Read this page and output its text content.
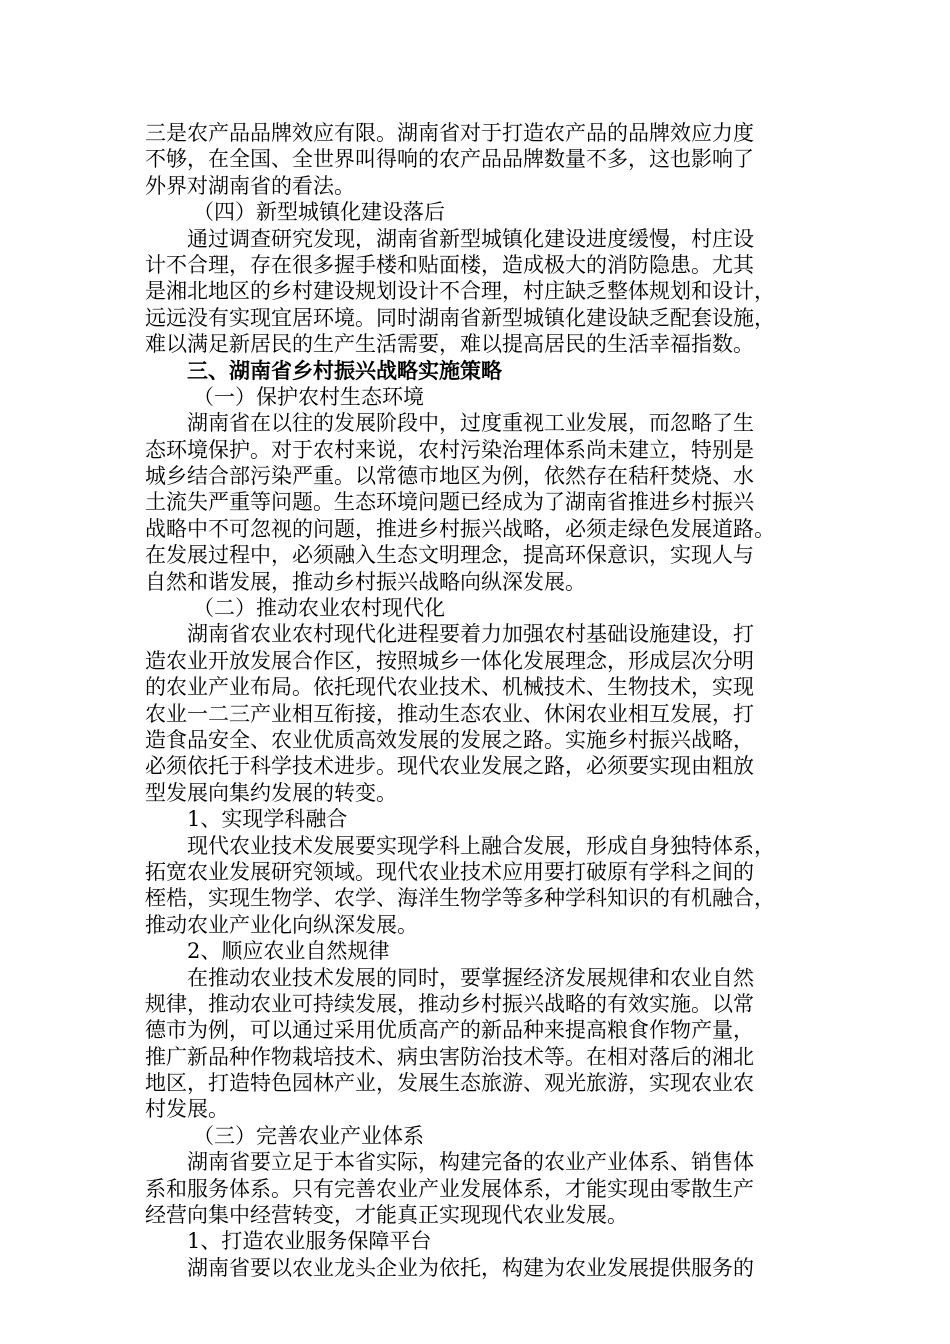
三是农产品品牌效应有限。湖南省对于打造农产品的品牌效应力度
不够，在全国、全世界叫得响的农产品品牌数量不多，这也影响了
外界对湖南省的看法。
（四）新型城镇化建设落后
通过调查研究发现，湖南省新型城镇化建设进度缓慢，村庄设
计不合理，存在很多握手楼和贴面楼，造成极大的消防隐患。尤其
是湘北地区的乡村建设规划设计不合理，村庄缺乏整体规划和设计，
远远没有实现宜居环境。同时湖南省新型城镇化建设缺乏配套设施，
难以满足新居民的生产生活需要，难以提高居民的生活幸福指数。
三、湖南省乡村振兴战略实施策略
（一）保护农村生态环境
湖南省在以往的发展阶段中，过度重视工业发展，而忽略了生
态环境保护。对于农村来说，农村污染治理体系尚未建立，特别是
城乡结合部污染严重。以常德市地区为例，依然存在秸秆焚烧、水
土流失严重等问题。生态环境问题已经成为了湖南省推进乡村振兴
战略中不可忽视的问题，推进乡村振兴战略，必须走绿色发展道路。
在发展过程中，必须融入生态文明理念，提高环保意识，实现人与
自然和谐发展，推动乡村振兴战略向纵深发展。
（二）推动农业农村现代化
湖南省农业农村现代化进程要着力加强农村基础设施建设，打
造农业开放发展合作区，按照城乡一体化发展理念，形成层次分明
的农业产业布局。依托现代农业技术、机械技术、生物技术，实现
农业一二三产业相互衔接，推动生态农业、休闲农业相互发展，打
造食品安全、农业优质高效发展的发展之路。实施乡村振兴战略，
必须依托于科学技术进步。现代农业发展之路，必须要实现由粗放
型发展向集约发展的转变。
1、实现学科融合
现代农业技术发展要实现学科上融合发展，形成自身独特体系，
拓宽农业发展研究领域。现代农业技术应用要打破原有学科之间的
桎梏，实现生物学、农学、海洋生物学等多种学科知识的有机融合，
推动农业产业化向纵深发展。
2、顺应农业自然规律
在推动农业技术发展的同时，要掌握经济发展规律和农业自然
规律，推动农业可持续发展，推动乡村振兴战略的有效实施。以常
德市为例，可以通过采用优质高产的新品种来提高粮食作物产量，
推广新品种作物栽培技术、病虫害防治技术等。在相对落后的湘北
地区，打造特色园林产业，发展生态旅游、观光旅游，实现农业农
村发展。
（三）完善农业产业体系
湖南省要立足于本省实际，构建完备的农业产业体系、销售体
系和服务体系。只有完善农业产业发展体系，才能实现由零散生产
经营向集中经营转变，才能真正实现现代农业发展。
1、打造农业服务保障平台
湖南省要以农业龙头企业为依托，构建为农业发展提供服务的
